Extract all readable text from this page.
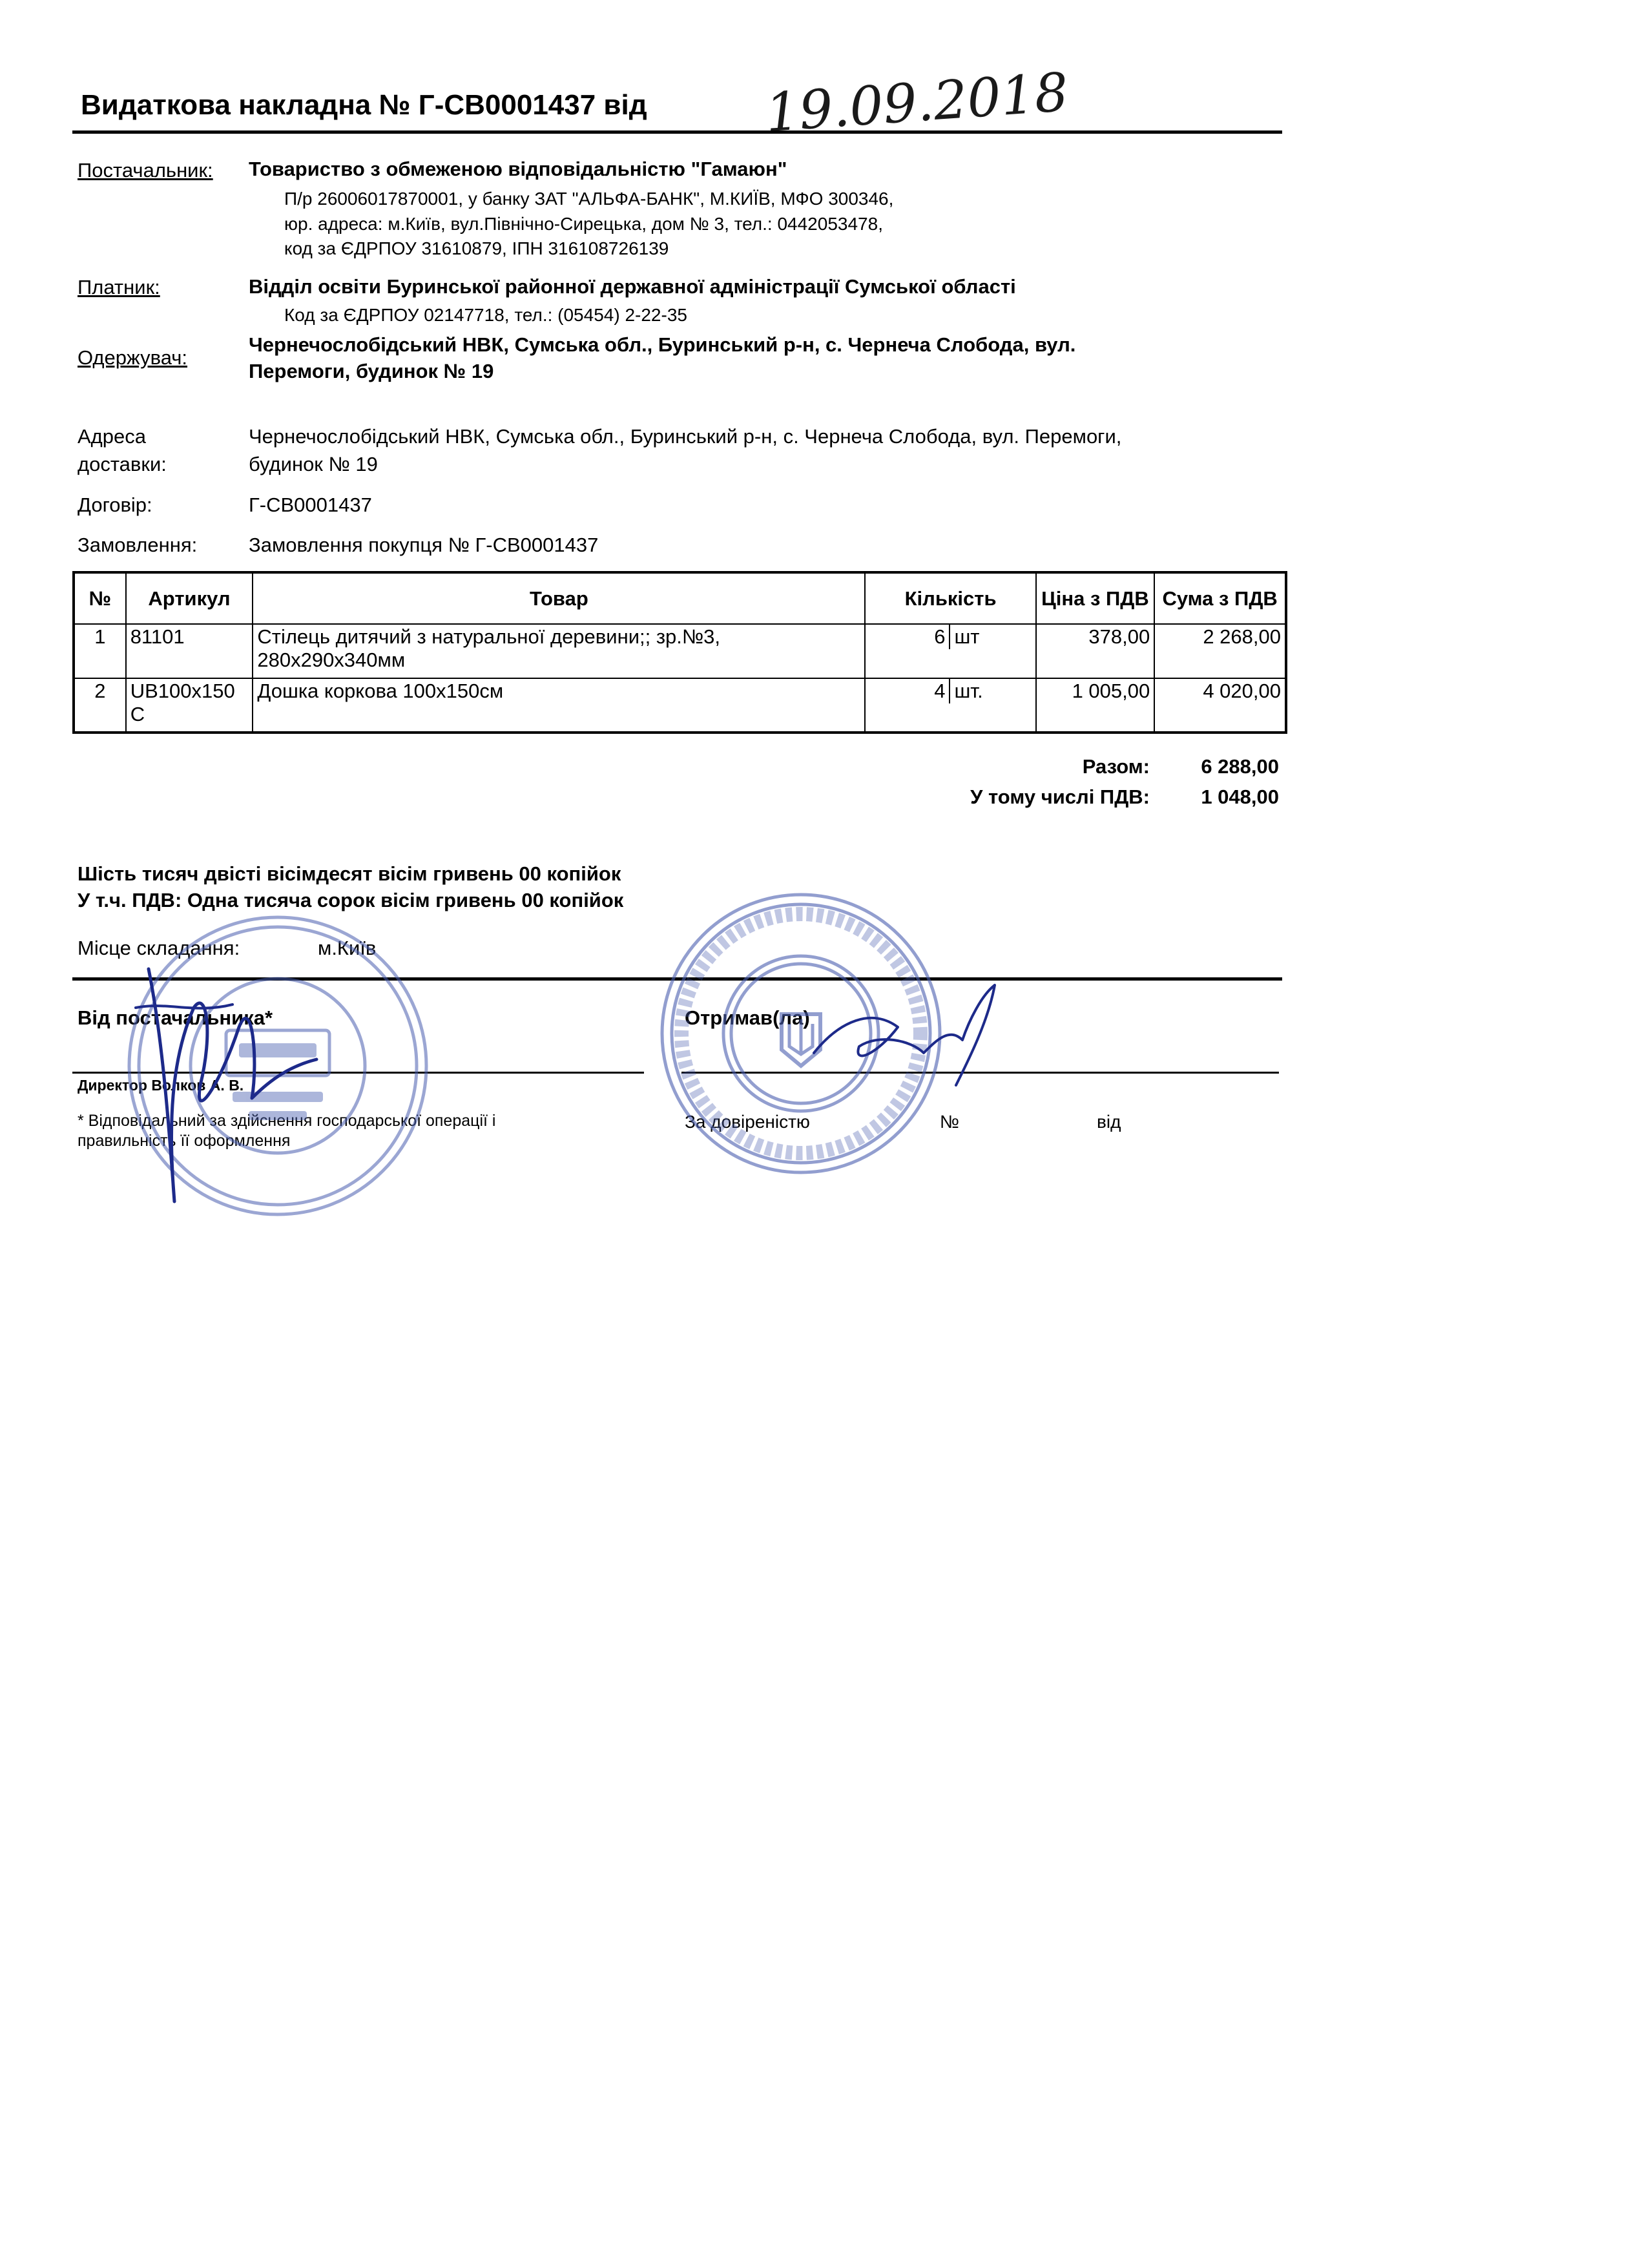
Видаткова накладна № Г-СВ0001437 від 19.09.2018
Постачальник: Товариство з обмеженою відповідальністю "Гамаюн"
П/р 26006017870001, у банку ЗАТ "АЛЬФА-БАНК", М.КИЇВ, МФО 300346,
юр. адреса: м.Київ, вул.Північно-Сирецька, дом № 3, тел.: 0442053478,
код за ЄДРПОУ 31610879, ІПН 316108726139
Платник:	Відділ освіти Буринської районної державної адміністрації Сумської області
Код за ЄДРПОУ 02147718, тел.: (05454) 2-22-35
Одержувач:
Чернечослобідський НВК, Сумська обл., Буринський р-н, с. Чернеча Слобода, вул.
Перемоги, будинок № 19
Адреса
доставки:
Чернечослобідський НВК, Сумська обл., Буринський р-н, с. Чернеча Слобода, вул. Перемоги,
будинок № 19
Договір:	Г-СВ0001437
Замовлення:	Замовлення покупця № Г-СВ0001437
№	Артикул	Товар	Кількість	Ціна з ПДВ	Сума з ПДВ
1	81101	Стілець дитячий з натуральної деревини;; зр.№3, 280х290х340мм	6 шт	378,00	2 268,00
2	UB100x150C	Дошка коркова 100х150см	4 шт.	1 005,00	4 020,00
Разом:	6 288,00
У тому числі ПДВ:	1 048,00
Шість тисяч двісті вісімдесят вісім гривень 00 копійок
У т.ч. ПДВ: Одна тисяча сорок вісім гривень 00 копійок
Місце складання:	м.Київ
Від постачальника*	Отримав(ла)
Директор Волков А. В.
* Відповідальний за здійснення господарської операції і
правильність її оформлення
За довіреністю	№	від
